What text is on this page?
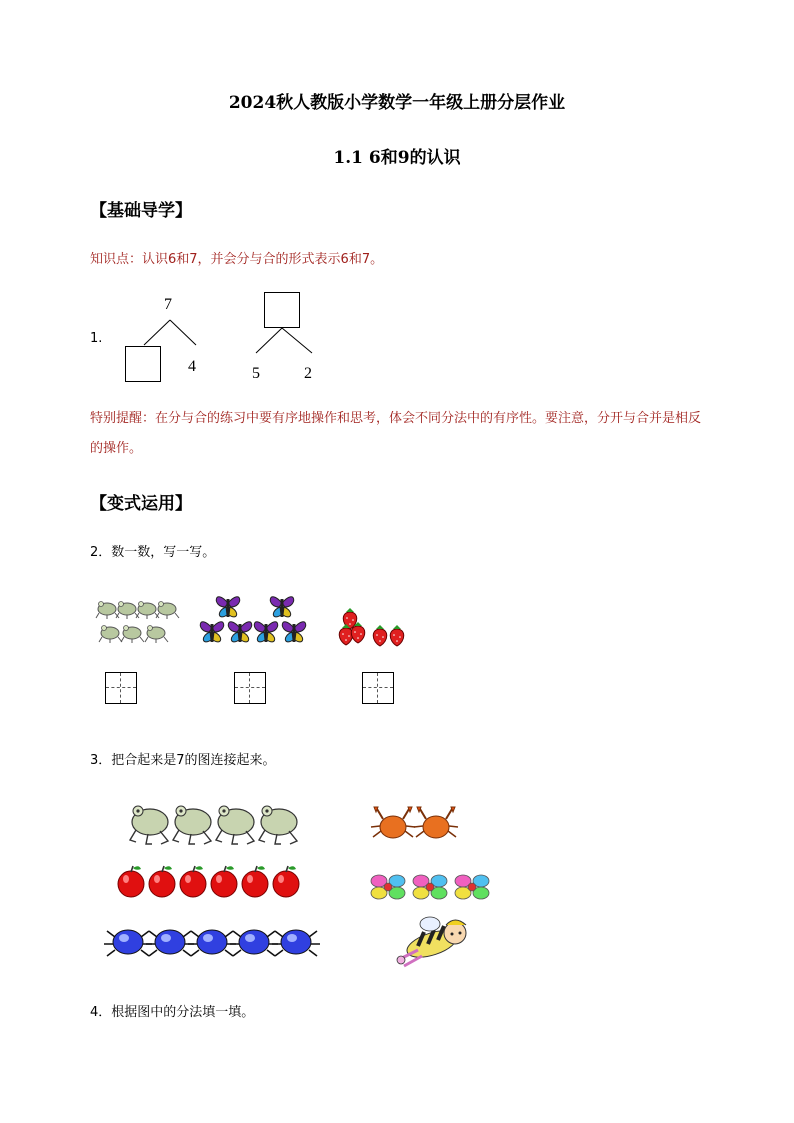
2024秋人教版小学数学一年级上册分层作业
1.1 6和9的认识
【基础导学】
知识点：认识6和7，并会分与合的形式表示6和7。
1.
7
4	5	2
特别提醒：在分与合的练习中要有序地操作和思考，体会不同分法中的有序性。要注意，分开与合并是相反的操作。
【变式运用】
2．数一数，写一写。
3．把合起来是7的图连接起来。
4．根据图中的分法填一填。
